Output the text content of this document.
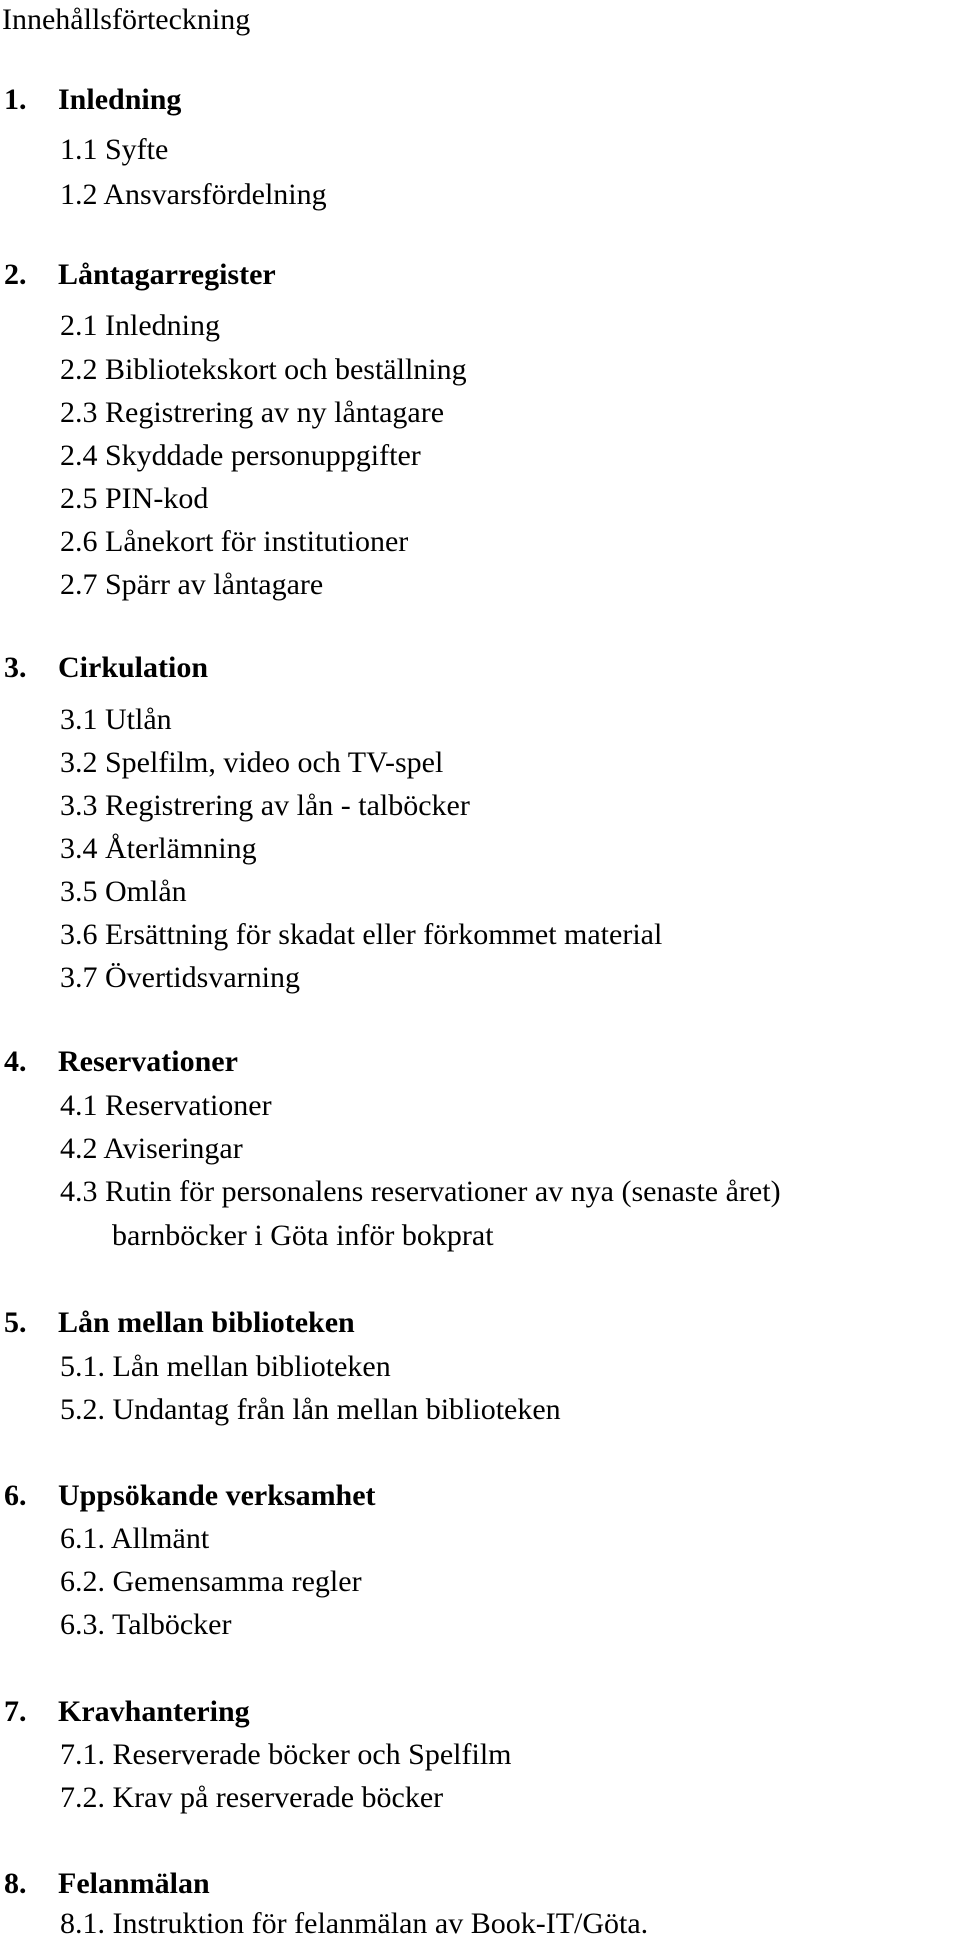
Innehållsförteckning
1. Inledning
1.1 Syfte
1.2 Ansvarsfördelning
2. Låntagarregister
2.1 Inledning
2.2 Bibliotekskort och beställning
2.3 Registrering av ny låntagare
2.4 Skyddade personuppgifter
2.5 PIN-kod
2.6 Lånekort för institutioner
2.7 Spärr av låntagare
3. Cirkulation
3.1 Utlån
3.2 Spelfilm, video och TV-spel
3.3 Registrering av lån - talböcker
3.4 Återlämning
3.5 Omlån
3.6 Ersättning för skadat eller förkommet material
3.7 Övertidsvarning
4. Reservationer
4.1 Reservationer
4.2 Aviseringar
4.3 Rutin för personalens reservationer av nya (senaste året)
barnböcker i Göta inför bokprat
5. Lån mellan biblioteken
5.1. Lån mellan biblioteken
5.2. Undantag från lån mellan biblioteken
6. Uppsökande verksamhet
6.1. Allmänt
6.2. Gemensamma regler
6.3. Talböcker
7. Kravhantering
7.1. Reserverade böcker och Spelfilm
7.2. Krav på reserverade böcker
8. Felanmälan
8.1. Instruktion för felanmälan av Book-IT/Göta.
